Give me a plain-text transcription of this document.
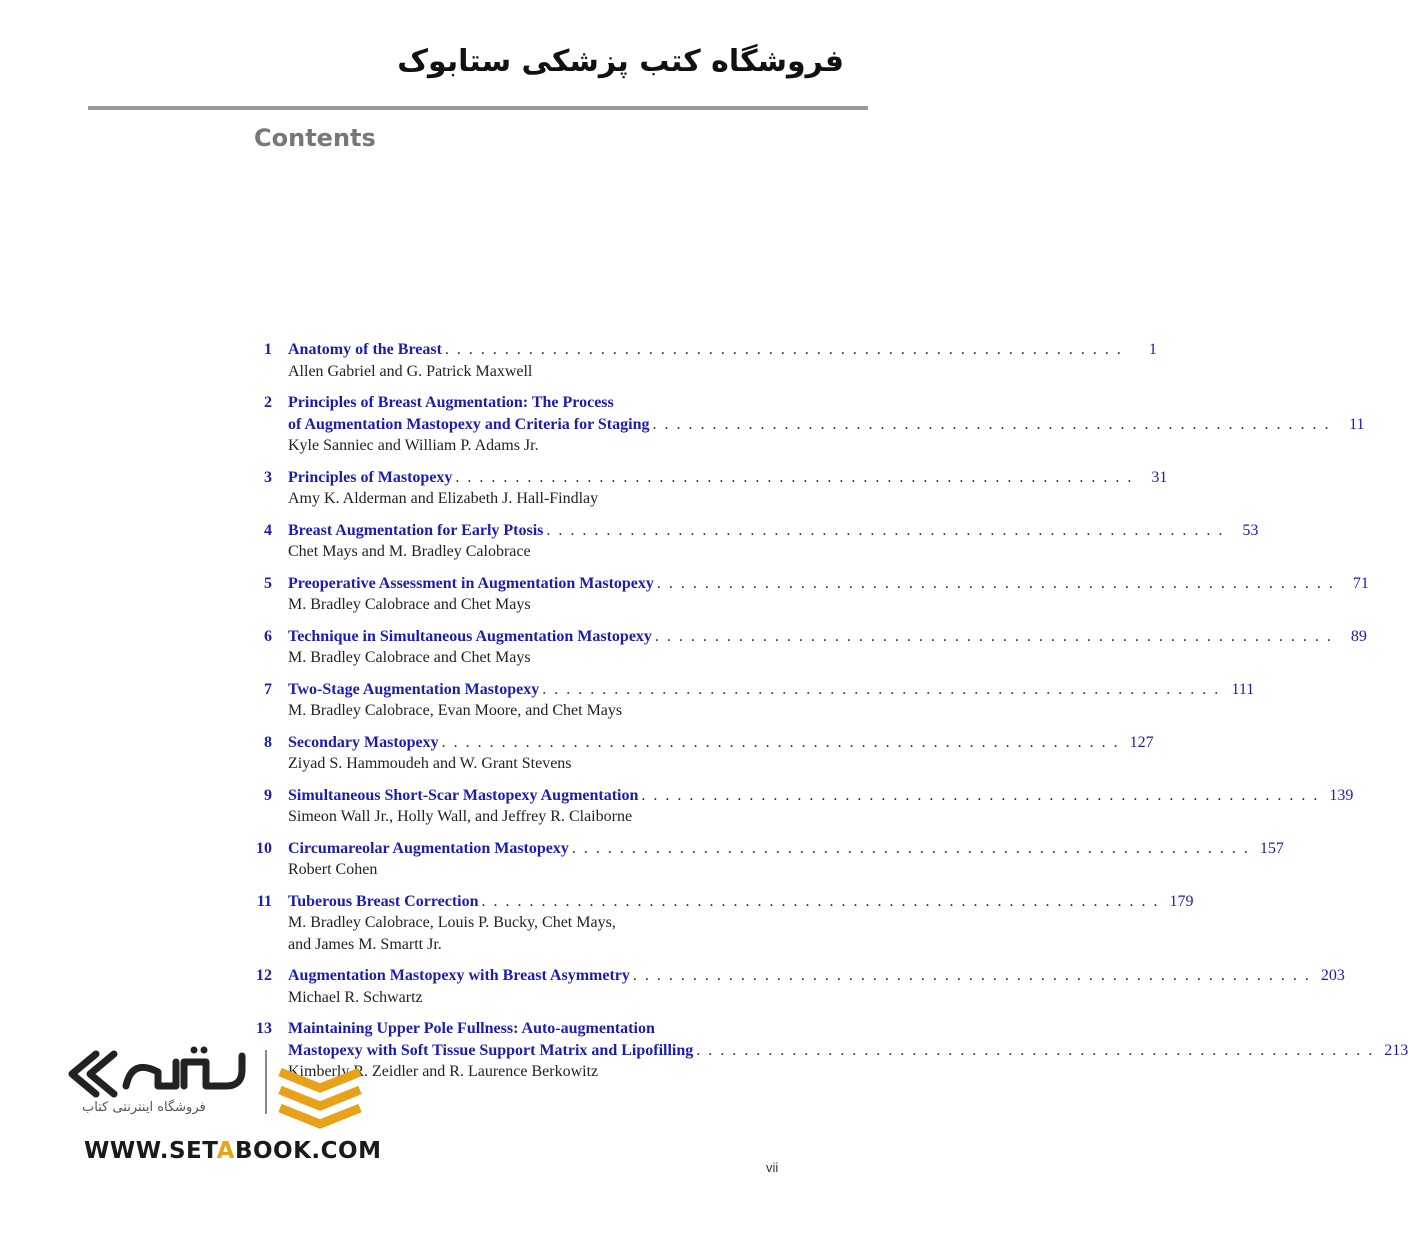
فروشگاه کتب پزشکی ستابوک
Contents
1 Anatomy of the Breast . . . . . . . . . . . . . . . . . . . . . . . . . . . . . . . . . . . . . . . . . . . . . . . . . . . . . . . . .	1
Allen Gabriel and G. Patrick Maxwell
2 Principles of Breast Augmentation: The Process
of Augmentation Mastopexy and Criteria for Staging . . . . . . . . . . . . . . . . . . . . . . . . . . . . . . . . . . . . . . . . . . . . . . . . . . . . . . . . .	11
Kyle Sanniec and William P. Adams Jr.
3 Principles of Mastopexy . . . . . . . . . . . . . . . . . . . . . . . . . . . . . . . . . . . . . . . . . . . . . . . . . . . . . . . . .	31
Amy K. Alderman and Elizabeth J. Hall-Findlay
4 Breast Augmentation for Early Ptosis . . . . . . . . . . . . . . . . . . . . . . . . . . . . . . . . . . . . . . . . . . . . . . . . . . . . . . . . .	53
Chet Mays and M. Bradley Calobrace
5 Preoperative Assessment in Augmentation Mastopexy . . . . . . . . . . . . . . . . . . . . . . . . . . . . . . . . . . . . . . . . . . . . . . . . . . . . . . . . .	71
M. Bradley Calobrace and Chet Mays
6 Technique in Simultaneous Augmentation Mastopexy . . . . . . . . . . . . . . . . . . . . . . . . . . . . . . . . . . . . . . . . . . . . . . . . . . . . . . . . .	89
M. Bradley Calobrace and Chet Mays
7 Two-Stage Augmentation Mastopexy . . . . . . . . . . . . . . . . . . . . . . . . . . . . . . . . . . . . . . . . . . . . . . . . . . . . . . . . . 111
M. Bradley Calobrace, Evan Moore, and Chet Mays
8 Secondary Mastopexy . . . . . . . . . . . . . . . . . . . . . . . . . . . . . . . . . . . . . . . . . . . . . . . . . . . . . . . . . 127
Ziyad S. Hammoudeh and W. Grant Stevens
9 Simultaneous Short-Scar Mastopexy Augmentation . . . . . . . . . . . . . . . . . . . . . . . . . . . . . . . . . . . . . . . . . . . . . . . . . . . . . . . . . 139
Simeon Wall Jr., Holly Wall, and Jeffrey R. Claiborne
10 Circumareolar Augmentation Mastopexy . . . . . . . . . . . . . . . . . . . . . . . . . . . . . . . . . . . . . . . . . . . . . . . . . . . . . . . . . 157
Robert Cohen
11 Tuberous Breast Correction . . . . . . . . . . . . . . . . . . . . . . . . . . . . . . . . . . . . . . . . . . . . . . . . . . . . . . . . . 179
M. Bradley Calobrace, Louis P. Bucky, Chet Mays,
and James M. Smartt Jr.
12 Augmentation Mastopexy with Breast Asymmetry . . . . . . . . . . . . . . . . . . . . . . . . . . . . . . . . . . . . . . . . . . . . . . . . . . . . . . . . . 203
Michael R. Schwartz
13 Maintaining Upper Pole Fullness: Auto-augmentation
Mastopexy with Soft Tissue Support Matrix and Lipofilling . . . . . . . . . . . . . . . . . . . . . . . . . . . . . . . . . . . . . . . . . . . . . . . . . . . . . . . . . 213
Kimberly R. Zeidler and R. Laurence Berkowitz
فروشگاه اینترنتی کتاب
WWW.SETABOOK.COM
vii
